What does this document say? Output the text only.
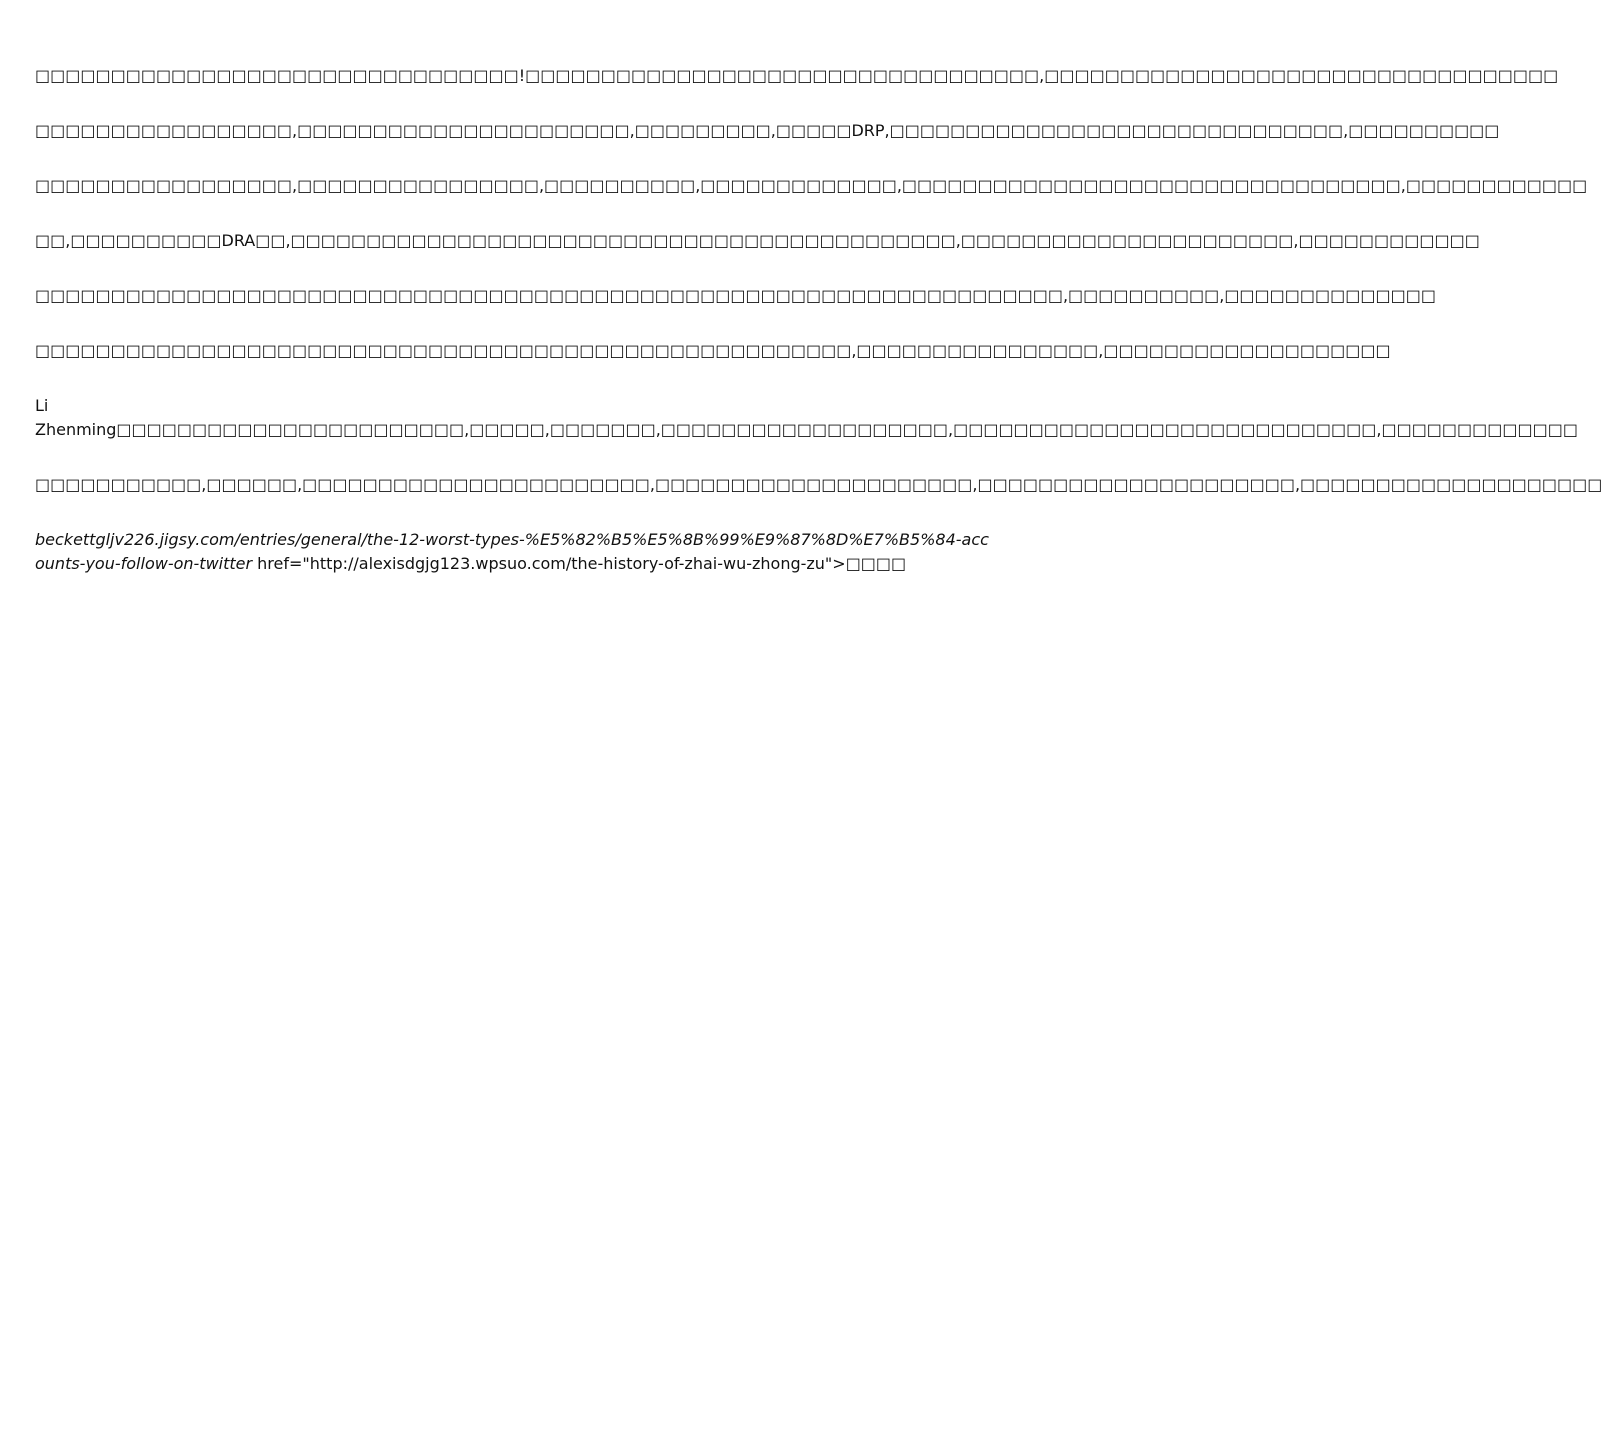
□□□□□□□□□□□□□□□□□□□□□□□□□□□□□□□□!□□□□□□□□□□□□□□□□□□□□□□□□□□□□□□□□□□,□□□□□□□□□□□□□□□□□□□□□□□□□□□□□□□□□□

□□□□□□□□□□□□□□□□□,□□□□□□□□□□□□□□□□□□□□□□,□□□□□□□□□,□□□□□DRP,□□□□□□□□□□□□□□□□□□□□□□□□□□□□□□,□□□□□□□□□□

□□□□□□□□□□□□□□□□□,□□□□□□□□□□□□□□□□,□□□□□□□□□□,□□□□□□□□□□□□□,□□□□□□□□□□□□□□□□□□□□□□□□□□□□□□□□□,□□□□□□□□□□□□

□□,□□□□□□□□□□DRA□□,□□□□□□□□□□□□□□□□□□□□□□□□□□□□□□□□□□□□□□□□□□□□,□□□□□□□□□□□□□□□□□□□□□□,□□□□□□□□□□□□

□□□□□□□□□□□□□□□□□□□□□□□□□□□□□□□□□□□□□□□□□□□□□□□□□□□□□□□□□□□□□□□□□□□□,□□□□□□□□□□,□□□□□□□□□□□□□□

□□□□□□□□□□□□□□□□□□□□□□□□□□□□□□□□□□□□□□□□□□□□□□□□□□□□□□,□□□□□□□□□□□□□□□□,□□□□□□□□□□□□□□□□□□□

Li
Zhenming□□□□□□□□□□□□□□□□□□□□□□□,□□□□□,□□□□□□□,□□□□□□□□□□□□□□□□□□□,□□□□□□□□□□□□□□□□□□□□□□□□□□□□,□□□□□□□□□□□□□

□□□□□□□□□□□,□□□□□□,□□□□□□□□□□□□□□□□□□□□□□□,□□□□□□□□□□□□□□□□□□□□□,□□□□□□□□□□□□□□□□□□□□□,□□□□□□□□□□□□□□□□□□□□

beckettgljv226.jigsy.com/entries/general/the-12-worst-types-%E5%82%B5%E5%8B%99%E9%87%8D%E7%B5%84-accounts-you-follow-on-twitter href="http://alexisdgjg123.wpsuo.com/the-history-of-zhai-wu-zhong-zu">□□□□
